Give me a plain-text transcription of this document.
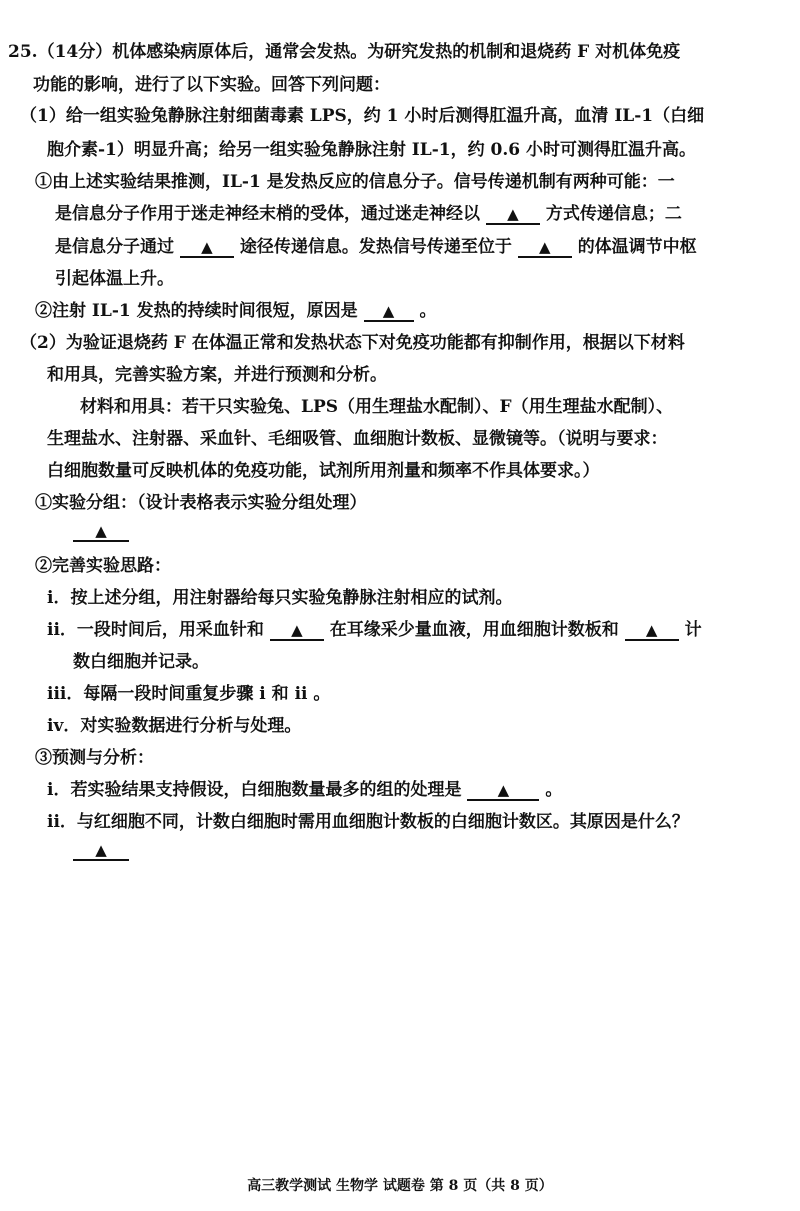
25.（14分）机体感染病原体后，通常会发热。为研究发热的机制和退烧药 F 对机体免疫
功能的影响，进行了以下实验。回答下列问题：
（1）给一组实验兔静脉注射细菌毒素 LPS，约 1 小时后测得肛温升高，血清 IL-1（白细
胞介素-1）明显升高；给另一组实验兔静脉注射 IL-1，约 0.6 小时可测得肛温升高。
①由上述实验结果推测，IL-1 是发热反应的信息分子。信号传递机制有两种可能：一
是信息分子作用于迷走神经末梢的受体，通过迷走神经以 ▲ 方式传递信息；二
是信息分子通过 ▲ 途径传递信息。发热信号传递至位于 ▲ 的体温调节中枢
引起体温上升。
②注射 IL-1 发热的持续时间很短，原因是 ▲ 。
（2）为验证退烧药 F 在体温正常和发热状态下对免疫功能都有抑制作用，根据以下材料
和用具，完善实验方案，并进行预测和分析。
材料和用具：若干只实验兔、LPS（用生理盐水配制）、F（用生理盐水配制）、
生理盐水、注射器、采血针、毛细吸管、血细胞计数板、显微镜等。（说明与要求：
白细胞数量可反映机体的免疫功能，试剂所用剂量和频率不作具体要求。）
①实验分组：（设计表格表示实验分组处理）
▲
②完善实验思路：
i．按上述分组，用注射器给每只实验兔静脉注射相应的试剂。
ii．一段时间后，用采血针和 ▲ 在耳缘采少量血液，用血细胞计数板和 ▲ 计
数白细胞并记录。
iii．每隔一段时间重复步骤 i 和 ii 。
iv．对实验数据进行分析与处理。
③预测与分析：
i．若实验结果支持假设，白细胞数量最多的组的处理是 ▲ 。
ii．与红细胞不同，计数白细胞时需用血细胞计数板的白细胞计数区。其原因是什么？
▲
高三教学测试 生物学 试题卷 第 8 页（共 8 页）
